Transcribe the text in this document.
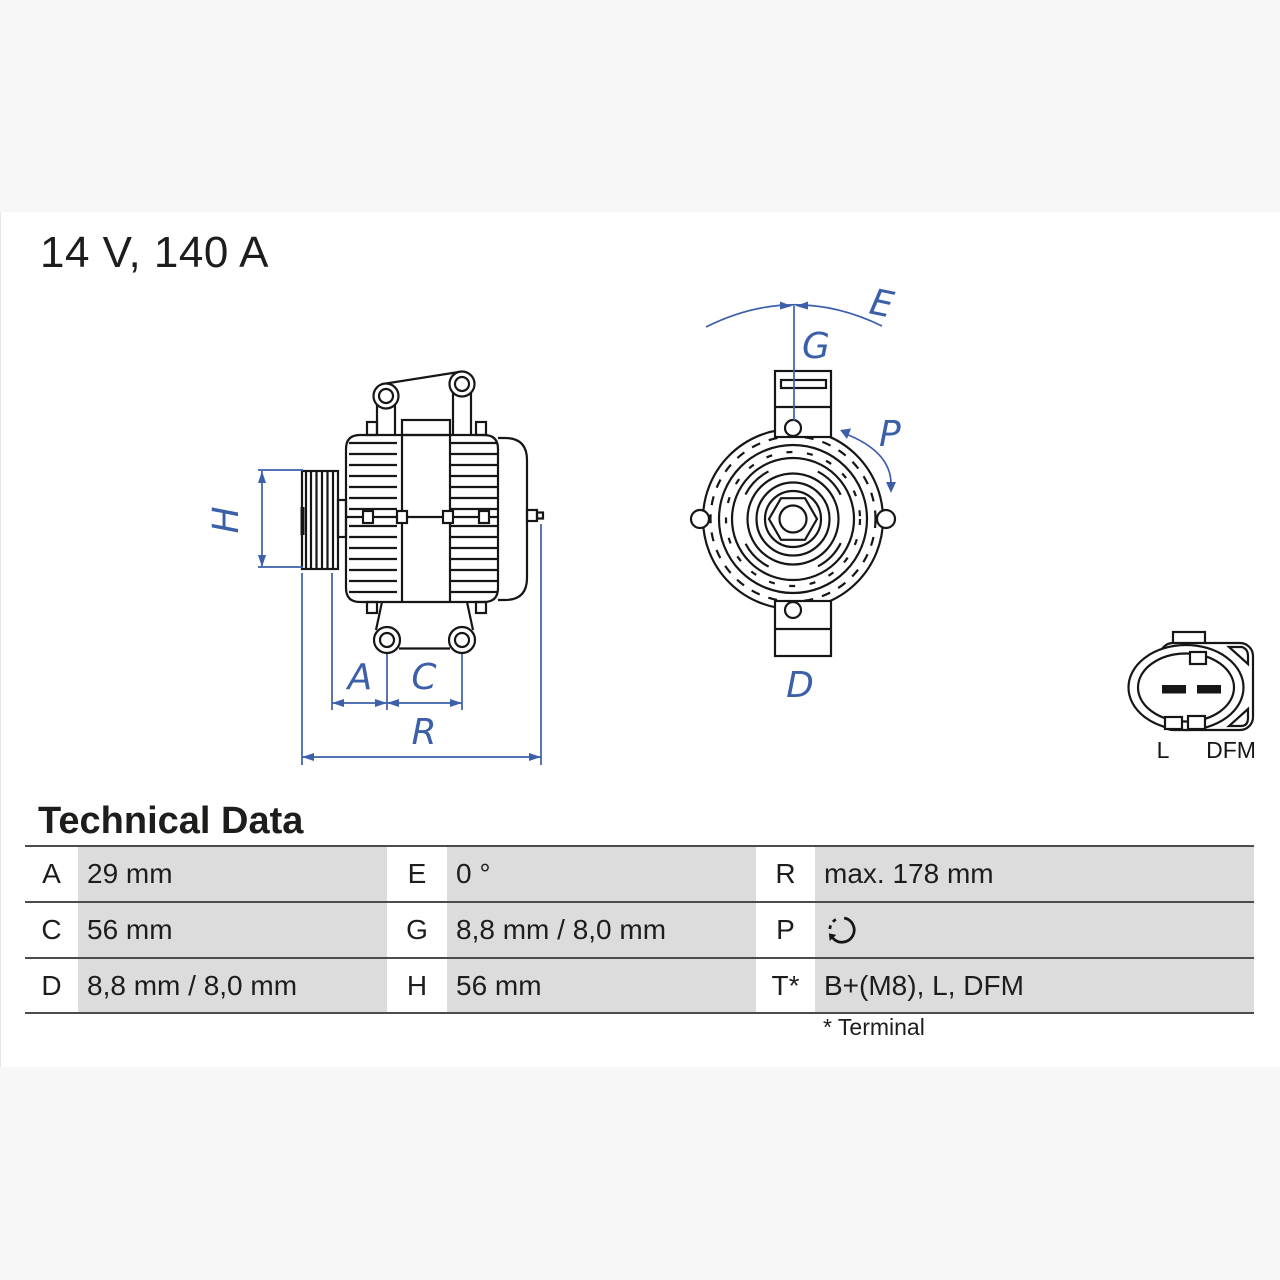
14 V, 140 A
H
A C
R
E
G
P
D
L DFM
Technical Data
A 29 mm	E	0 °	R	max. 178 mm
C 56 mm	G	8,8 mm / 8,0 mm	P
D 8,8 mm / 8,0 mm	H	56 mm	T* B+(M8), L, DFM
* Terminal
